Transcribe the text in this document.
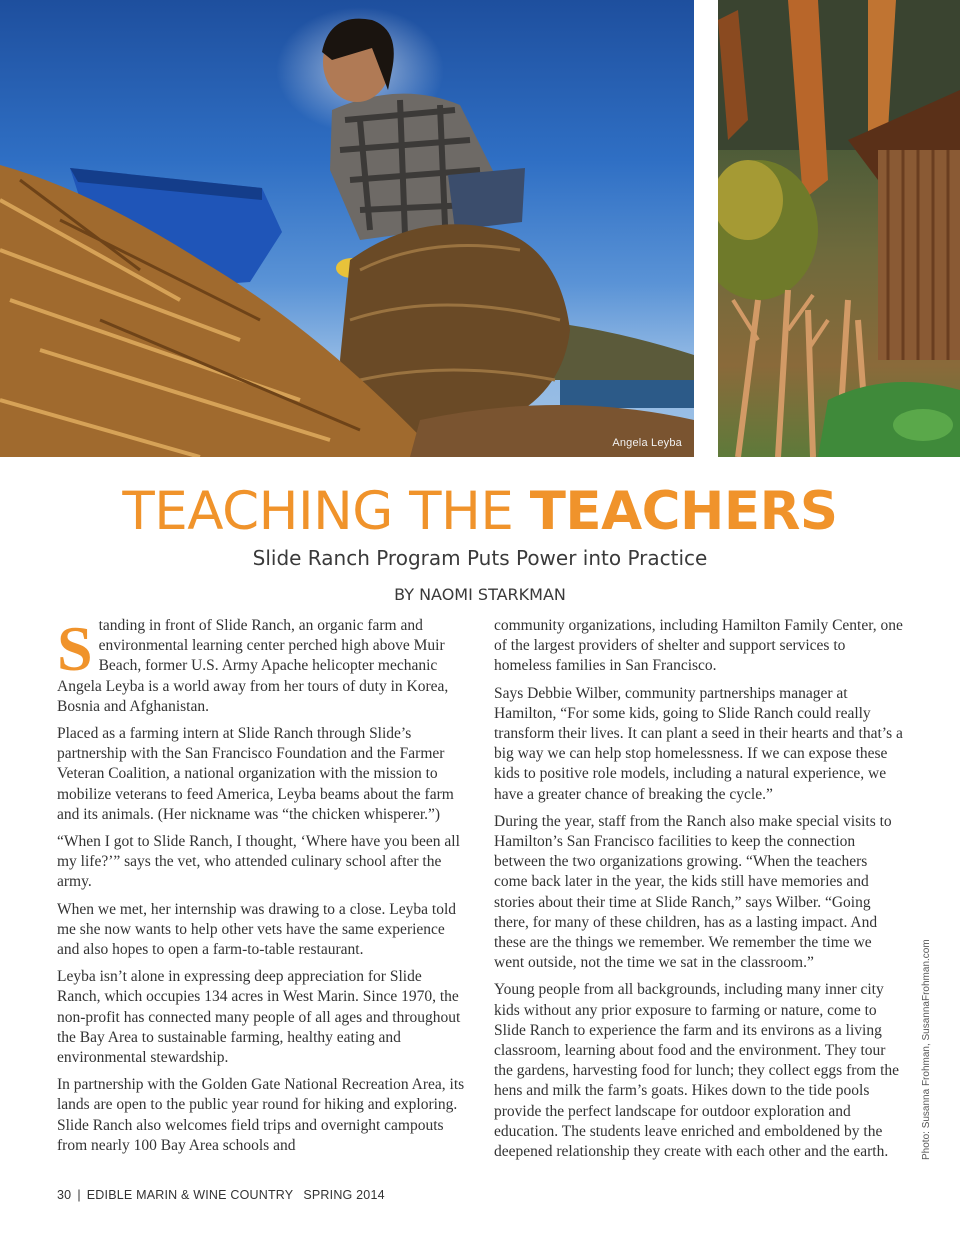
Angela Leyba
TEACHING THE TEACHERS
Slide Ranch Program Puts Power into Practice
BY NAOMI STARKMAN

Standing in front of Slide Ranch, an organic farm and environmental learning center perched high above Muir Beach, former U.S. Army Apache helicopter mechanic Angela Leyba is a world away from her tours of duty in Korea, Bosnia and Afghanistan.

Placed as a farming intern at Slide Ranch through Slide’s partnership with the San Francisco Foundation and the Farmer Veteran Coalition, a national organization with the mission to mobilize veterans to feed America, Leyba beams about the farm and its animals. (Her nickname was “the chicken whisperer.”)

“When I got to Slide Ranch, I thought, ‘Where have you been all my life?’” says the vet, who attended culinary school after the army.

When we met, her internship was drawing to a close. Leyba told me she now wants to help other vets have the same experience and also hopes to open a farm-to-table restaurant.

Leyba isn’t alone in expressing deep appreciation for Slide Ranch, which occupies 134 acres in West Marin. Since 1970, the non-profit has connected many people of all ages and throughout the Bay Area to sustainable farming, healthy eating and environmental stewardship.

In partnership with the Golden Gate National Recreation Area, its lands are open to the public year round for hiking and exploring. Slide Ranch also welcomes field trips and overnight campouts from nearly 100 Bay Area schools and

community organizations, including Hamilton Family Center, one of the largest providers of shelter and support services to homeless families in San Francisco.

Says Debbie Wilber, community partnerships manager at Hamilton, “For some kids, going to Slide Ranch could really transform their lives. It can plant a seed in their hearts and that’s a big way we can help stop homelessness. If we can expose these kids to positive role models, including a natural experience, we have a greater chance of breaking the cycle.”

During the year, staff from the Ranch also make special visits to Hamilton’s San Francisco facilities to keep the connection between the two organizations growing. “When the teachers come back later in the year, the kids still have memories and stories about their time at Slide Ranch,” says Wilber. “Going there, for many of these children, has as a lasting impact. And these are the things we remember. We remember the time we went outside, not the time we sat in the classroom.”

Young people from all backgrounds, including many inner city kids without any prior exposure to farming or nature, come to Slide Ranch to experience the farm and its environs as a living classroom, learning about food and the environment. They tour the gardens, harvesting food for lunch; they collect eggs from the hens and milk the farm’s goats. Hikes down to the tide pools provide the perfect landscape for outdoor exploration and education. The students leave enriched and emboldened by the deepened relationship they create with each other and the earth.	Photo: Susanna Frohman, SusannaFrohman.com
30 | EDIBLE MARIN & WINE COUNTRY SPRING 2014
